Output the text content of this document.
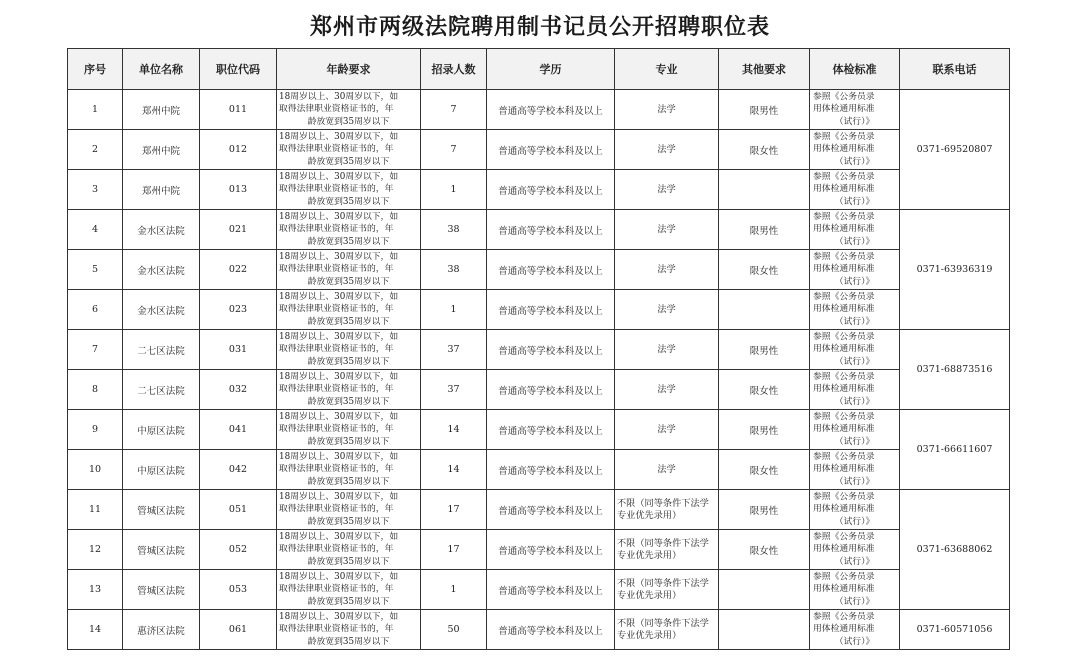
郑州市两级法院聘用制书记员公开招聘职位表
序号	单位名称	职位代码	年龄要求	招录人数	学历	专业	其他要求	体检标准	联系电话
1	郑州中院	011	18周岁以上、30周岁以下，如
取得法律职业资格证书的，年
龄放宽到35周岁以下	7	普通高等学校本科及以上	法学	限男性	参照《公务员录
用体检通用标准
（试行）》	0371-69520807
2	郑州中院	012	18周岁以上、30周岁以下，如
取得法律职业资格证书的，年
龄放宽到35周岁以下	7	普通高等学校本科及以上	法学	限女性	参照《公务员录
用体检通用标准
（试行）》	

3	郑州中院	013	18周岁以上、30周岁以下，如
取得法律职业资格证书的，年
龄放宽到35周岁以下	1	普通高等学校本科及以上	法学		参照《公务员录
用体检通用标准
（试行）》	

4	金水区法院	021	18周岁以上、30周岁以下，如
取得法律职业资格证书的，年
龄放宽到35周岁以下	38	普通高等学校本科及以上	法学	限男性	参照《公务员录
用体检通用标准
（试行）》	0371-63936319
5	金水区法院	022	18周岁以上、30周岁以下，如
取得法律职业资格证书的，年
龄放宽到35周岁以下	38	普通高等学校本科及以上	法学	限女性	参照《公务员录
用体检通用标准
（试行）》	

6	金水区法院	023	18周岁以上、30周岁以下，如
取得法律职业资格证书的，年
龄放宽到35周岁以下	1	普通高等学校本科及以上	法学		参照《公务员录
用体检通用标准
（试行）》	

7	二七区法院	031	18周岁以上、30周岁以下，如
取得法律职业资格证书的，年
龄放宽到35周岁以下	37	普通高等学校本科及以上	法学	限男性	参照《公务员录
用体检通用标准
（试行）》	0371-68873516
8	二七区法院	032	18周岁以上、30周岁以下，如
取得法律职业资格证书的，年
龄放宽到35周岁以下	37	普通高等学校本科及以上	法学	限女性	参照《公务员录
用体检通用标准
（试行）》	

9	中原区法院	041	18周岁以上、30周岁以下，如
取得法律职业资格证书的，年
龄放宽到35周岁以下	14	普通高等学校本科及以上	法学	限男性	参照《公务员录
用体检通用标准
（试行）》	0371-66611607
10	中原区法院	042	18周岁以上、30周岁以下，如
取得法律职业资格证书的，年
龄放宽到35周岁以下	14	普通高等学校本科及以上	法学	限女性	参照《公务员录
用体检通用标准
（试行）》	

11	管城区法院	051	18周岁以上、30周岁以下，如
取得法律职业资格证书的，年
龄放宽到35周岁以下	17	普通高等学校本科及以上	不限（同等条件下法学专业优先录用）	限男性	参照《公务员录
用体检通用标准
（试行）》	0371-63688062
12	管城区法院	052	18周岁以上、30周岁以下，如
取得法律职业资格证书的，年
龄放宽到35周岁以下	17	普通高等学校本科及以上	不限（同等条件下法学专业优先录用）	限女性	参照《公务员录
用体检通用标准
（试行）》	

13	管城区法院	053	18周岁以上、30周岁以下，如
取得法律职业资格证书的，年
龄放宽到35周岁以下	1	普通高等学校本科及以上	不限（同等条件下法学专业优先录用）		参照《公务员录
用体检通用标准
（试行）》	

14	惠济区法院	061	18周岁以上、30周岁以下，如
取得法律职业资格证书的，年
龄放宽到35周岁以下	50	普通高等学校本科及以上	不限（同等条件下法学专业优先录用）		参照《公务员录
用体检通用标准
（试行）》	0371-60571056
